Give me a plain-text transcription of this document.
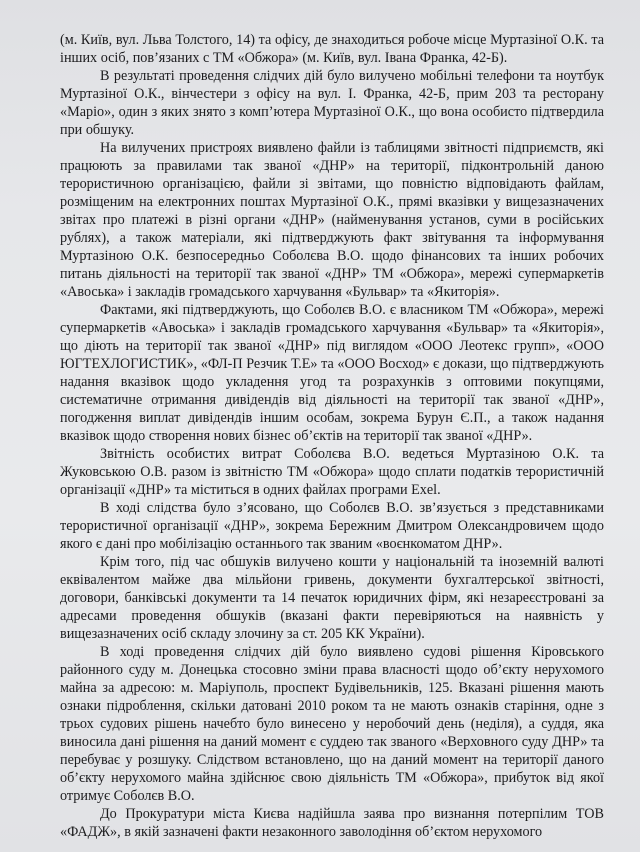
(м. Київ, вул. Льва Толстого, 14) та офісу, де знаходиться робоче місце Муртазіної О.К. та інших осіб, пов’язаних с ТМ «Обжора» (м. Київ, вул. Івана Франка, 42-Б).

В результаті проведення слідчих дій було вилучено мобільні телефони та ноутбук Муртазіної О.К., вінчестери з офісу на вул. І. Франка, 42-Б, прим 203 та ресторану «Маріо», один з яких знято з комп’ютера Муртазіної О.К., що вона особисто підтвердила при обшуку.

На вилучених пристроях виявлено файли із таблицями звітності підприємств, які працюють за правилами так званої «ДНР» на території, підконтрольній даною терористичною організацією, файли зі звітами, що повністю відповідають файлам, розміщеним на електронних поштах Муртазіної О.К., прямі вказівки у вищезазначених звітах про платежі в різні органи «ДНР» (найменування установ, суми в російських рублях), а також матеріали, які підтверджують факт звітування та інформування Муртазіною О.К. безпосередньо Соболєва В.О. щодо фінансових та інших робочих питань діяльності на території так званої «ДНР» ТМ «Обжора», мережі супермаркетів «Авоська» і закладів громадського харчування «Бульвар» та «Якиторія».

Фактами, які підтверджують, що Соболєв В.О. є власником ТМ «Обжора», мережі супермаркетів «Авоська» і закладів громадського харчування «Бульвар» та «Якиторія», що діють на території так званої «ДНР» під виглядом «ООО Леотекс групп», «ООО ЮГТЕХЛОГИСТИК», «ФЛ-П Резчик Т.Е» та «ООО Восход» є докази, що підтверджують надання вказівок щодо укладення угод та розрахунків з оптовими покупцями, систематичне отримання дивідендів від діяльності на території так званої «ДНР», погодження виплат дивідендів іншим особам, зокрема Бурун Є.П., а також надання вказівок щодо створення нових бізнес об’єктів на території так званої «ДНР».

Звітність особистих витрат Соболєва В.О. ведеться Муртазіною О.К. та Жуковською О.В. разом із звітністю ТМ «Обжора» щодо сплати податків терористичній організації «ДНР» та міститься в одних файлах програми Exel.

В ході слідства було з’ясовано, що Соболєв В.О. зв’язується з представниками терористичної організації «ДНР», зокрема Бережним Дмитром Олександровичем щодо якого є дані про мобілізацію останнього так званим «воєнкоматом ДНР».

Крім того, під час обшуків вилучено кошти у національній та іноземній валюті еквівалентом майже два мільйони гривень, документи бухгалтерської звітності, договори, банківські документи та 14 печаток юридичних фірм, які незареєстровані за адресами проведення обшуків (вказані факти перевіряються на наявність у вищезазначених осіб складу злочину за ст. 205 КК України).

В ході проведення слідчих дій було виявлено судові рішення Кіровського районного суду м. Донецька стосовно зміни права власності щодо об’єкту нерухомого майна за адресою: м. Маріуполь, проспект Будівельників, 125. Вказані рішення мають ознаки підроблення, скільки датовані 2010 роком та не мають ознаків старіння, одне з трьох судових рішень начебто було винесено у неробочий день (неділя), а суддя, яка виносила дані рішення на даний момент є суддею так званого «Верховного суду ДНР» та перебуває у розшуку. Слідством встановлено, що на даний момент на території даного об’єкту нерухомого майна здійснює свою діяльність ТМ «Обжора», прибуток від якої отримує Соболєв В.О.

До Прокуратури міста Києва надійшла заява про визнання потерпілим ТОВ «ФАДЖ», в якій зазначені факти незаконного заволодіння об’єктом нерухомого
